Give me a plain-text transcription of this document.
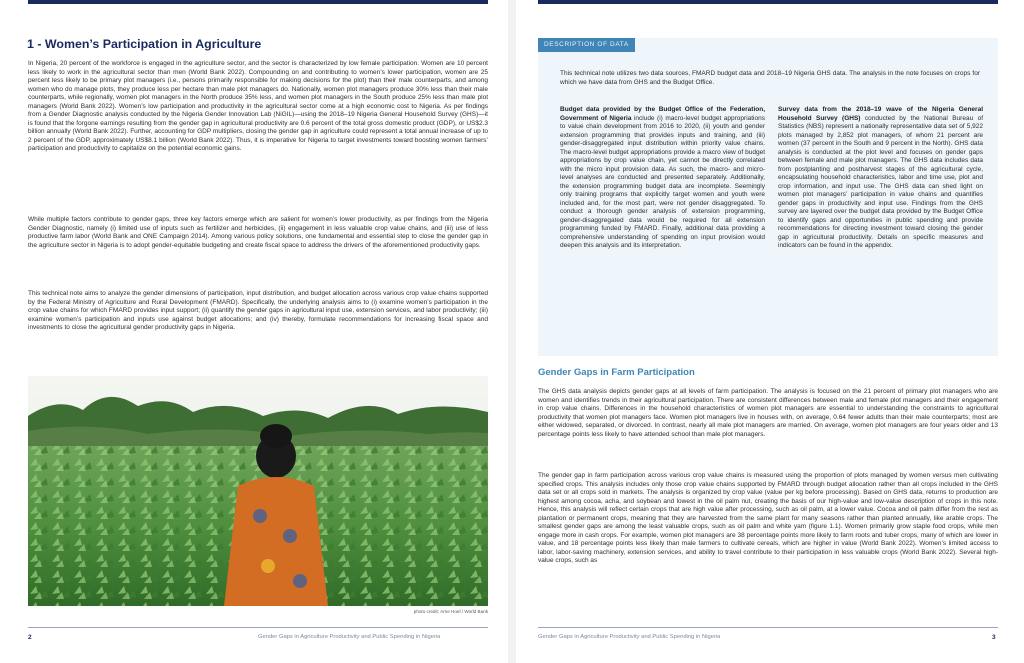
1 - Women’s Participation in Agriculture

In Nigeria, 20 percent of the workforce is engaged in the agriculture sector, and the sector is characterized by low female participation. Women are 10 percent less likely to work in the agricultural sector than men (World Bank 2022). Compounding on and contributing to women’s lower participation, women are 25 percent less likely to be primary plot managers (i.e., persons primarily responsible for making decisions for the plot) than their male counterparts, and among women who do manage plots, they produce less per hectare than male plot managers do. Nationally, women plot managers produce 30% less than their male counterparts, while regionally, women plot managers in the North produce 35% less, and women plot managers in the South produce 25% less than male plot managers (World Bank 2022). Women’s low participation and productivity in the agricultural sector come at a high economic cost to Nigeria. As per findings from a Gender Diagnostic analysis conducted by the Nigeria Gender Innovation Lab (NiGIL)—using the 2018–19 Nigeria General Household Survey (GHS)—it is found that the forgone earnings resulting from the gender gap in agricultural productivity are 0.6 percent of the total gross domestic product (GDP), or US$2.3 billion annually (World Bank 2022). Further, accounting for GDP multipliers, closing the gender gap in agriculture could represent a total annual increase of up to 2 percent of the GDP, approximately US$8.1 billion (World Bank 2022). Thus, it is imperative for Nigeria to target investments toward boosting women farmers’ participation and productivity to capitalize on the potential economic gains.

While multiple factors contribute to gender gaps, three key factors emerge which are salient for women’s lower productivity, as per findings from the Nigeria Gender Diagnostic, namely (i) limited use of inputs such as fertilizer and herbicides, (ii) engagement in less valuable crop value chains, and (iii) use of less productive farm labor (World Bank and ONE Campaign 2014). Among various policy solutions, one fundamental and essential step to close the gender gap in the agriculture sector in Nigeria is to adopt gender-equitable budgeting and create fiscal space to address the drivers of the aforementioned productivity gaps.

This technical note aims to analyze the gender dimensions of participation, input distribution, and budget allocation across various crop value chains supported by the Federal Ministry of Agriculture and Rural Development (FMARD). Specifically, the underlying analysis aims to (i) examine women’s participation in the crop value chains for which FMARD provides input support; (ii) quantify the gender gaps in agricultural input use, extension services, and labor productivity; (iii) examine women’s participation and inputs use against budget allocations; and (iv) thereby, formulate recommendations for increasing fiscal space and investments to close the agricultural gender productivity gaps in Nigeria.

photo credit: Arne Hoel / World Bank
2	Gender Gaps in Agriculture Productivity and Public Spending in Nigeria
DESCRIPTION OF DATA

This technical note utilizes two data sources, FMARD budget data and 2018–19 Nigeria GHS data. The analysis in the note focuses on crops for which we have data from GHS and the Budget Office.

Budget data provided by the Budget Office of the Federation, Government of Nigeria include (i) macro-level budget appropriations to value chain development from 2016 to 2020, (ii) youth and gender extension programming that provides inputs and training, and (iii) gender-disaggregated input distribution within priority value chains. The macro-level budget appropriations provide a macro view of budget appropriations by crop value chain, yet cannot be directly correlated with the micro input provision data. As such, the macro- and micro-level analyses are conducted and presented separately. Additionally, the extension programming budget data are incomplete. Seemingly only training programs that explicitly target women and youth were included and, for the most part, were not gender disaggregated. To conduct a thorough gender analysis of extension programming, gender-disaggregated data would be required for all extension programming funded by FMARD. Finally, additional data providing a comprehensive understanding of spending on input provision would deepen this analysis and its interpretation.

Survey data from the 2018–19 wave of the Nigeria General Household Survey (GHS) conducted by the National Bureau of Statistics (NBS) represent a nationally representative data set of 5,922 plots managed by 2,852 plot managers, of whom 21 percent are women (37 percent in the South and 9 percent in the North). GHS data analysis is conducted at the plot level and focuses on gender gaps between female and male plot managers. The GHS data includes data from postplanting and postharvest stages of the agricultural cycle, encapsulating household characteristics, labor and time use, plot and crop information, and input use. The GHS data can shed light on women plot managers’ participation in value chains and quantifies gender gaps in productivity and input use. Findings from the GHS survey are layered over the budget data provided by the Budget Office to identify gaps and opportunities in public spending and provide recommendations for directing investment toward closing the gender gap in agricultural productivity. Details on specific measures and indicators can be found in the appendix.

Gender Gaps in Farm Participation

The GHS data analysis depicts gender gaps at all levels of farm participation. The analysis is focused on the 21 percent of primary plot managers who are women and identifies trends in their agricultural participation. There are consistent differences between male and female plot managers and their engagement in crop value chains. Differences in the household characteristics of women plot managers are essential to understanding the constraints to agricultural productivity that women plot managers face. Women plot managers live in houses with, on average, 0.64 fewer adults than their male counterparts; most are either widowed, separated, or divorced. In contrast, nearly all male plot managers are married. On average, women plot managers are four years older and 13 percentage points less likely to have attended school than male plot managers.

The gender gap in farm participation across various crop value chains is measured using the proportion of plots managed by women versus men cultivating specified crops. This analysis includes only those crop value chains supported by FMARD through budget allocation rather than all crops included in the GHS data set or all crops sold in markets. The analysis is organized by crop value (value per kg before processing). Based on GHS data, returns to production are highest among cocoa, acha, and soybean and lowest in the oil palm nut, creating the basis of our high-value and low-value description of crops in this note. Hence, this analysis will reflect certain crops that are high value after processing, such as oil palm, at a lower value. Cocoa and oil palm differ from the rest as plantation or permanent crops, meaning that they are harvested from the same plant for many seasons rather than planted annually, like arable crops. The smallest gender gaps are among the least valuable crops, such as oil palm and white yam (figure 1.1). Women primarily grow staple food crops, while men engage more in cash crops. For example, women plot managers are 38 percentage points more likely to farm roots and tuber crops, many of which are lower in value, and 18 percentage points less likely than male farmers to cultivate cereals, which are higher in value (World Bank 2022). Women’s limited access to labor, labor-saving machinery, extension services, and ability to travel contribute to their participation in less valuable crops (World Bank 2022). Several high-value crops, such as

Gender Gaps in Agriculture Productivity and Public Spending in Nigeria	3
